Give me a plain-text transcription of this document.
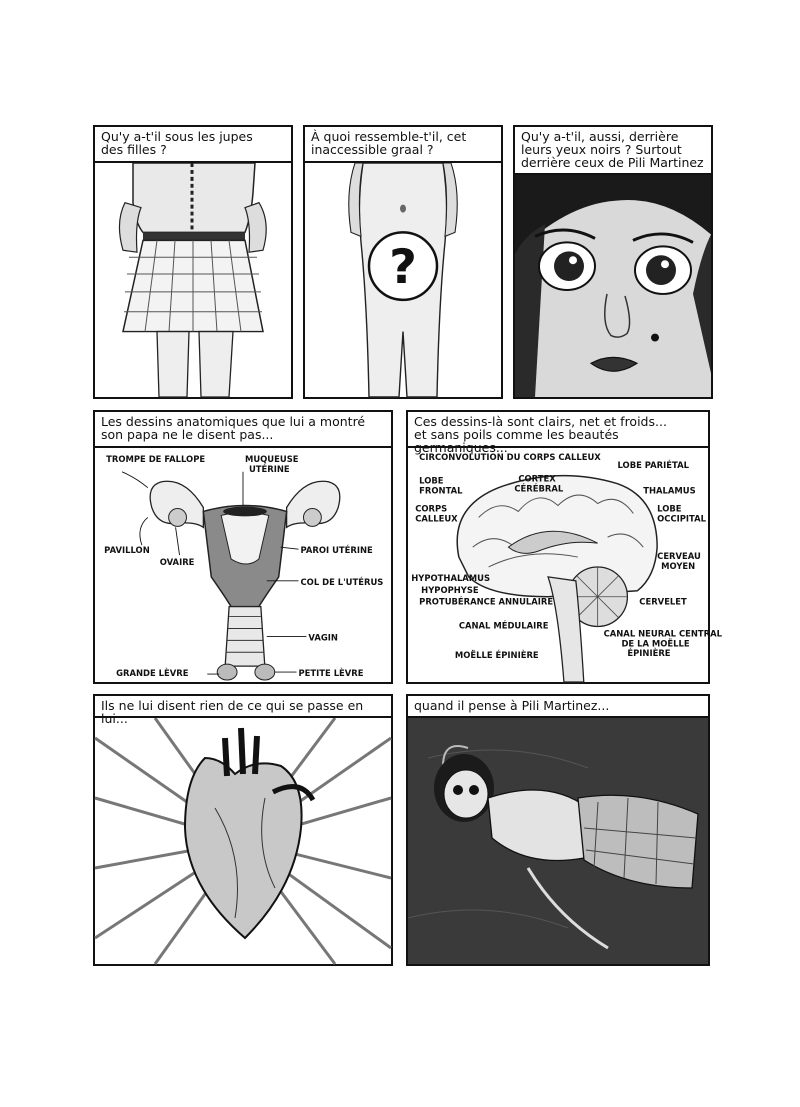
Qu'y a-t'il sous les jupes
des filles ?
À quoi ressemble-t'il, cet
inaccessible graal ?
?
Qu'y a-t'il, aussi, derrière
leurs yeux noirs ? Surtout
derrière ceux de Pili Martinez
Les dessins anatomiques que lui a montré
son papa ne le disent pas...
TROMPE DE FALLOPE	MUQUEUSE
UTÉRINE
PAVILLON
OVAIRE
PAROI UTÉRINE
COL DE L'UTÉRUS
VAGIN
GRANDE LÈVRE	PETITE LÈVRE
Ces dessins-là sont clairs, net et froids...
et sans poils comme les beautés germaniques...
CIRCONVOLUTION DU CORPS CALLEUX
LOBE PARIÉTAL
LOBE
FRONTAL
CORTEX
CÉRÉBRAL	THALAMUS
CORPS
CALLEUX
LOBE
OCCIPITAL
CERVEAU
MOYEN
HYPOTHALAMUS
HYPOPHYSE
PROTUBÉRANCE ANNULAIRE	CERVELET
CANAL MÉDULAIRE
CANAL NEURAL CENTRAL
DE LA MOËLLE
ÉPINIÈRE
MOËLLE ÉPINIÈRE
Ils ne lui disent rien de ce qui se passe en lui...
quand il pense à Pili Martinez...
